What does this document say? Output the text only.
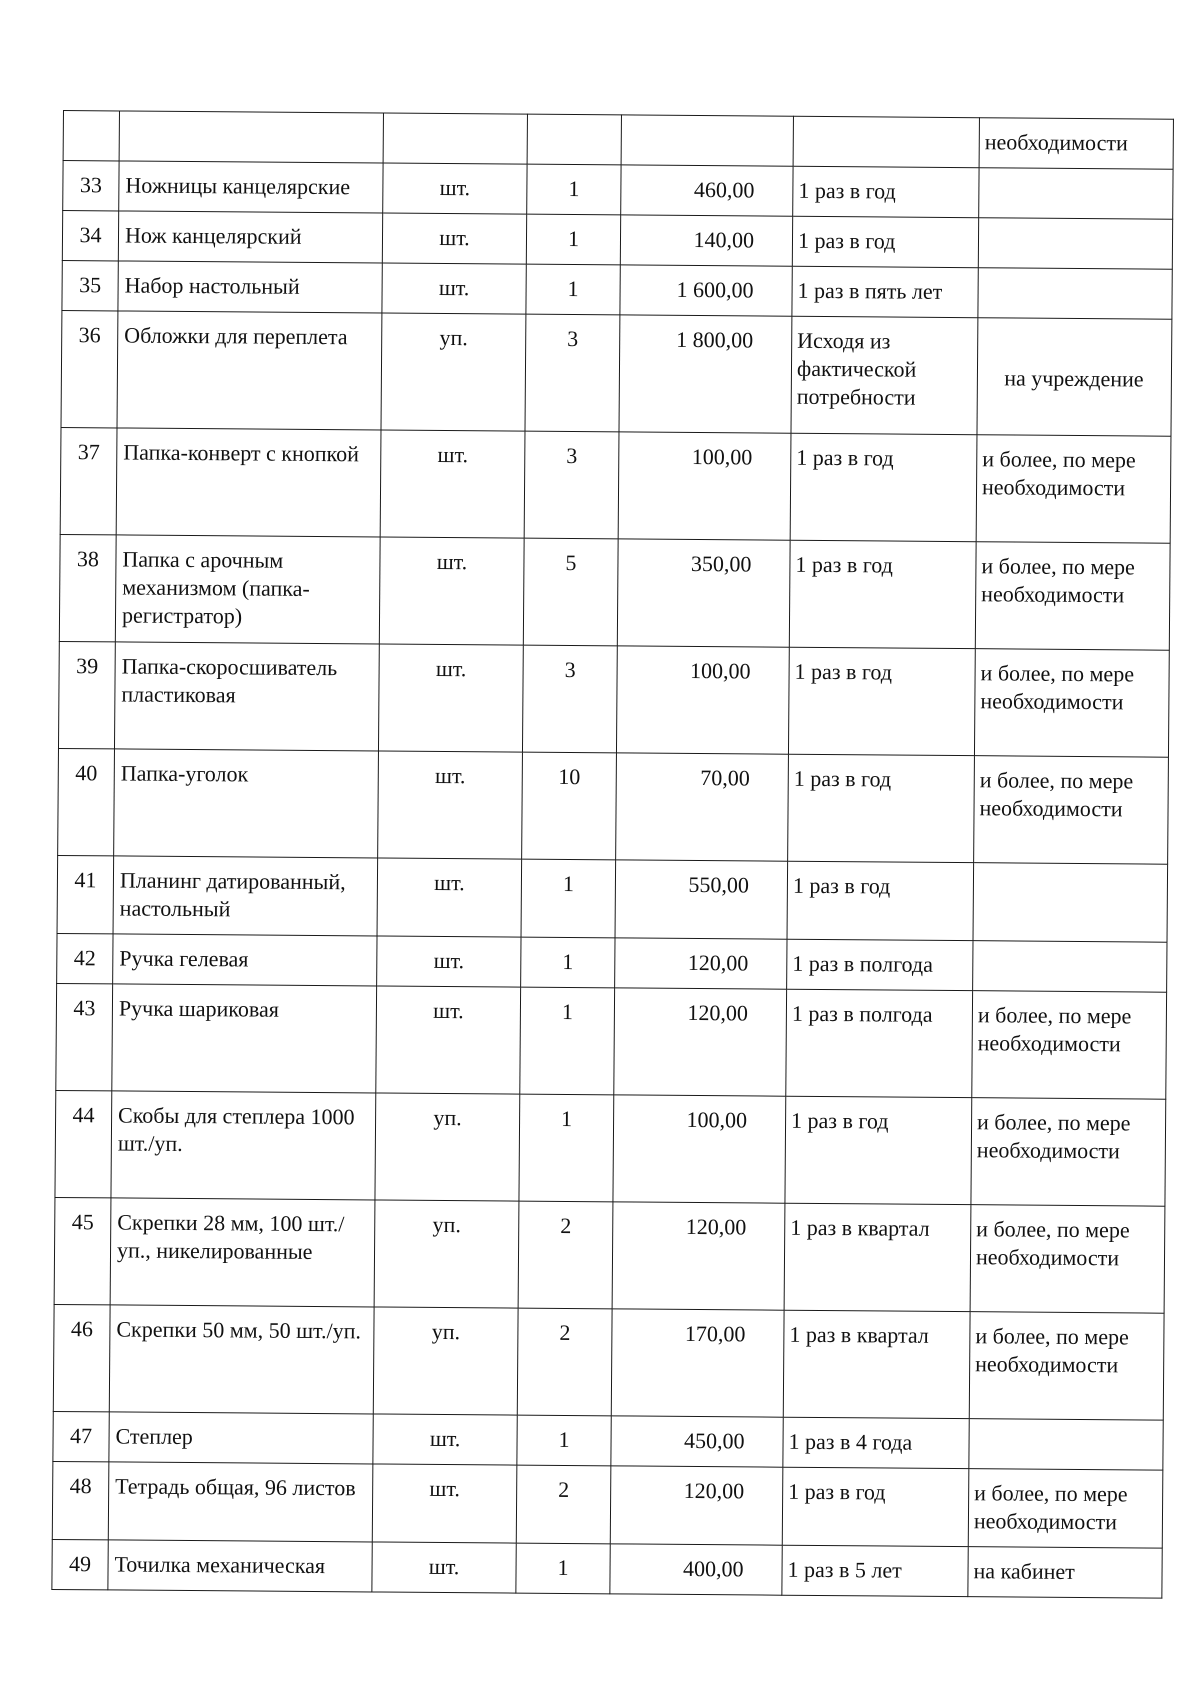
						необходимости
33	Ножницы канцелярские	шт.	1	460,00	1 раз в год	
34	Нож канцелярский	шт.	1	140,00	1 раз в год	
35	Набор настольный	шт.	1	1 600,00	1 раз в пять лет	
36	Обложки для переплета	уп.	3	1 800,00	Исходя из фактической потребности	на учреждение
37	Папка-конверт с кнопкой	шт.	3	100,00	1 раз в год	и более, по мере необходимости
38	Папка с арочным механизмом (папка-регистратор)	шт.	5	350,00	1 раз в год	и более, по мере необходимости
39	Папка-скоросшиватель пластиковая	шт.	3	100,00	1 раз в год	и более, по мере необходимости
40	Папка-уголок	шт.	10	70,00	1 раз в год	и более, по мере необходимости
41	Планинг датированный, настольный	шт.	1	550,00	1 раз в год	
42	Ручка гелевая	шт.	1	120,00	1 раз в полгода	
43	Ручка шариковая	шт.	1	120,00	1 раз в полгода	и более, по мере необходимости
44	Скобы для степлера 1000 шт./уп.	уп.	1	100,00	1 раз в год	и более, по мере необходимости
45	Скрепки 28 мм, 100 шт./уп., никелированные	уп.	2	120,00	1 раз в квартал	и более, по мере необходимости
46	Скрепки 50 мм, 50 шт./уп.	уп.	2	170,00	1 раз в квартал	и более, по мере необходимости
47	Степлер	шт.	1	450,00	1 раз в 4 года	
48	Тетрадь общая, 96 листов	шт.	2	120,00	1 раз в год	и более, по мере необходимости
49	Точилка механическая	шт.	1	400,00	1 раз в 5 лет	на кабинет
